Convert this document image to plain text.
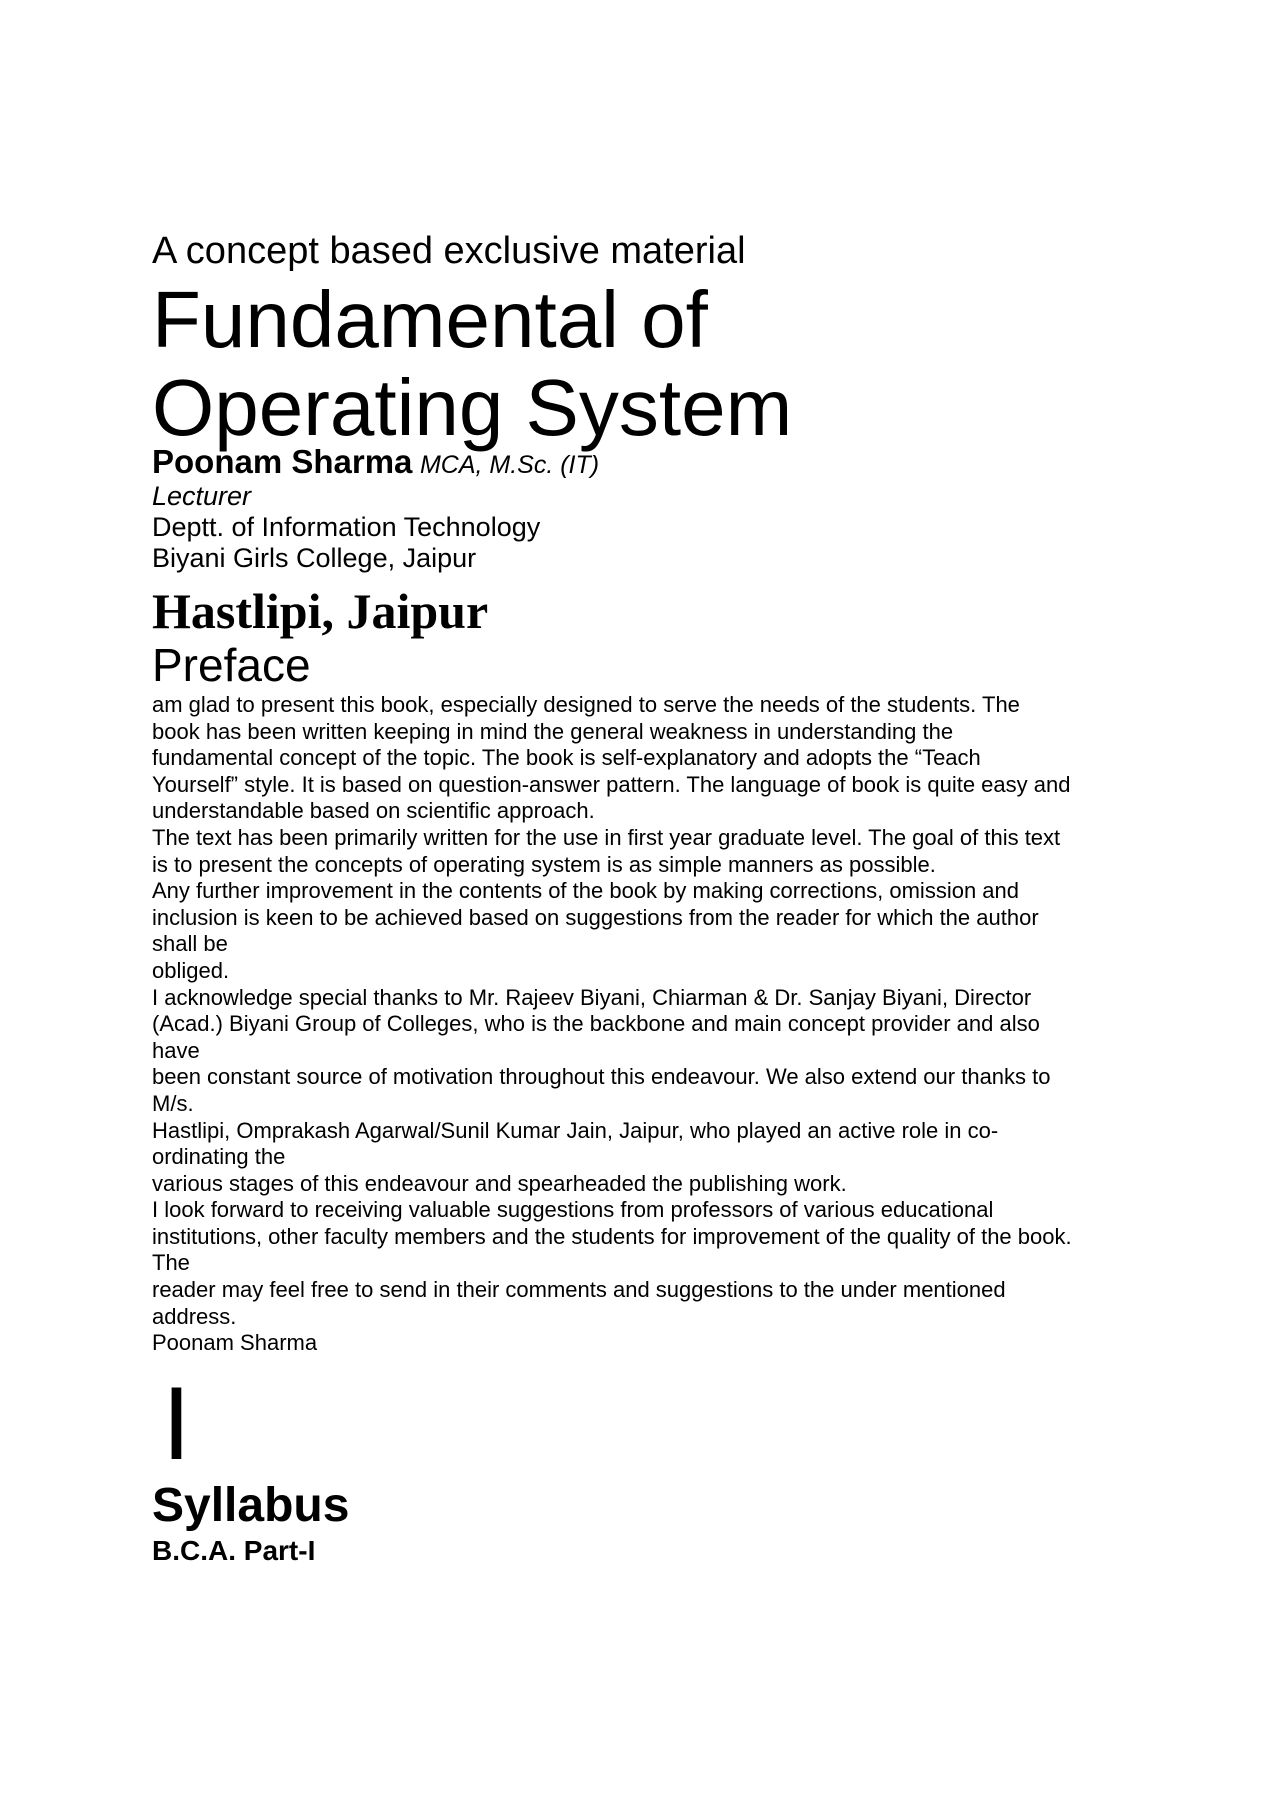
A concept based exclusive material
Fundamental of
Operating System
Poonam Sharma MCA, M.Sc. (IT)
Lecturer
Deptt. of Information Technology
Biyani Girls College, Jaipur
Hastlipi, Jaipur
Preface
am glad to present this book, especially designed to serve the needs of the students. The
book has been written keeping in mind the general weakness in understanding the
fundamental concept of the topic. The book is self-explanatory and adopts the “Teach
Yourself” style. It is based on question-answer pattern. The language of book is quite easy and
understandable based on scientific approach.
The text has been primarily written for the use in first year graduate level. The goal of this text
is to present the concepts of operating system is as simple manners as possible.
Any further improvement in the contents of the book by making corrections, omission and
inclusion is keen to be achieved based on suggestions from the reader for which the author
shall be
obliged.
I acknowledge special thanks to Mr. Rajeev Biyani, Chiarman & Dr. Sanjay Biyani, Director
(Acad.) Biyani Group of Colleges, who is the backbone and main concept provider and also
have
been constant source of motivation throughout this endeavour. We also extend our thanks to
M/s.
Hastlipi, Omprakash Agarwal/Sunil Kumar Jain, Jaipur, who played an active role in co-
ordinating the
various stages of this endeavour and spearheaded the publishing work.
I look forward to receiving valuable suggestions from professors of various educational
institutions, other faculty members and the students for improvement of the quality of the book.
The
reader may feel free to send in their comments and suggestions to the under mentioned
address.
Poonam Sharma
I
Syllabus
B.C.A. Part-I
